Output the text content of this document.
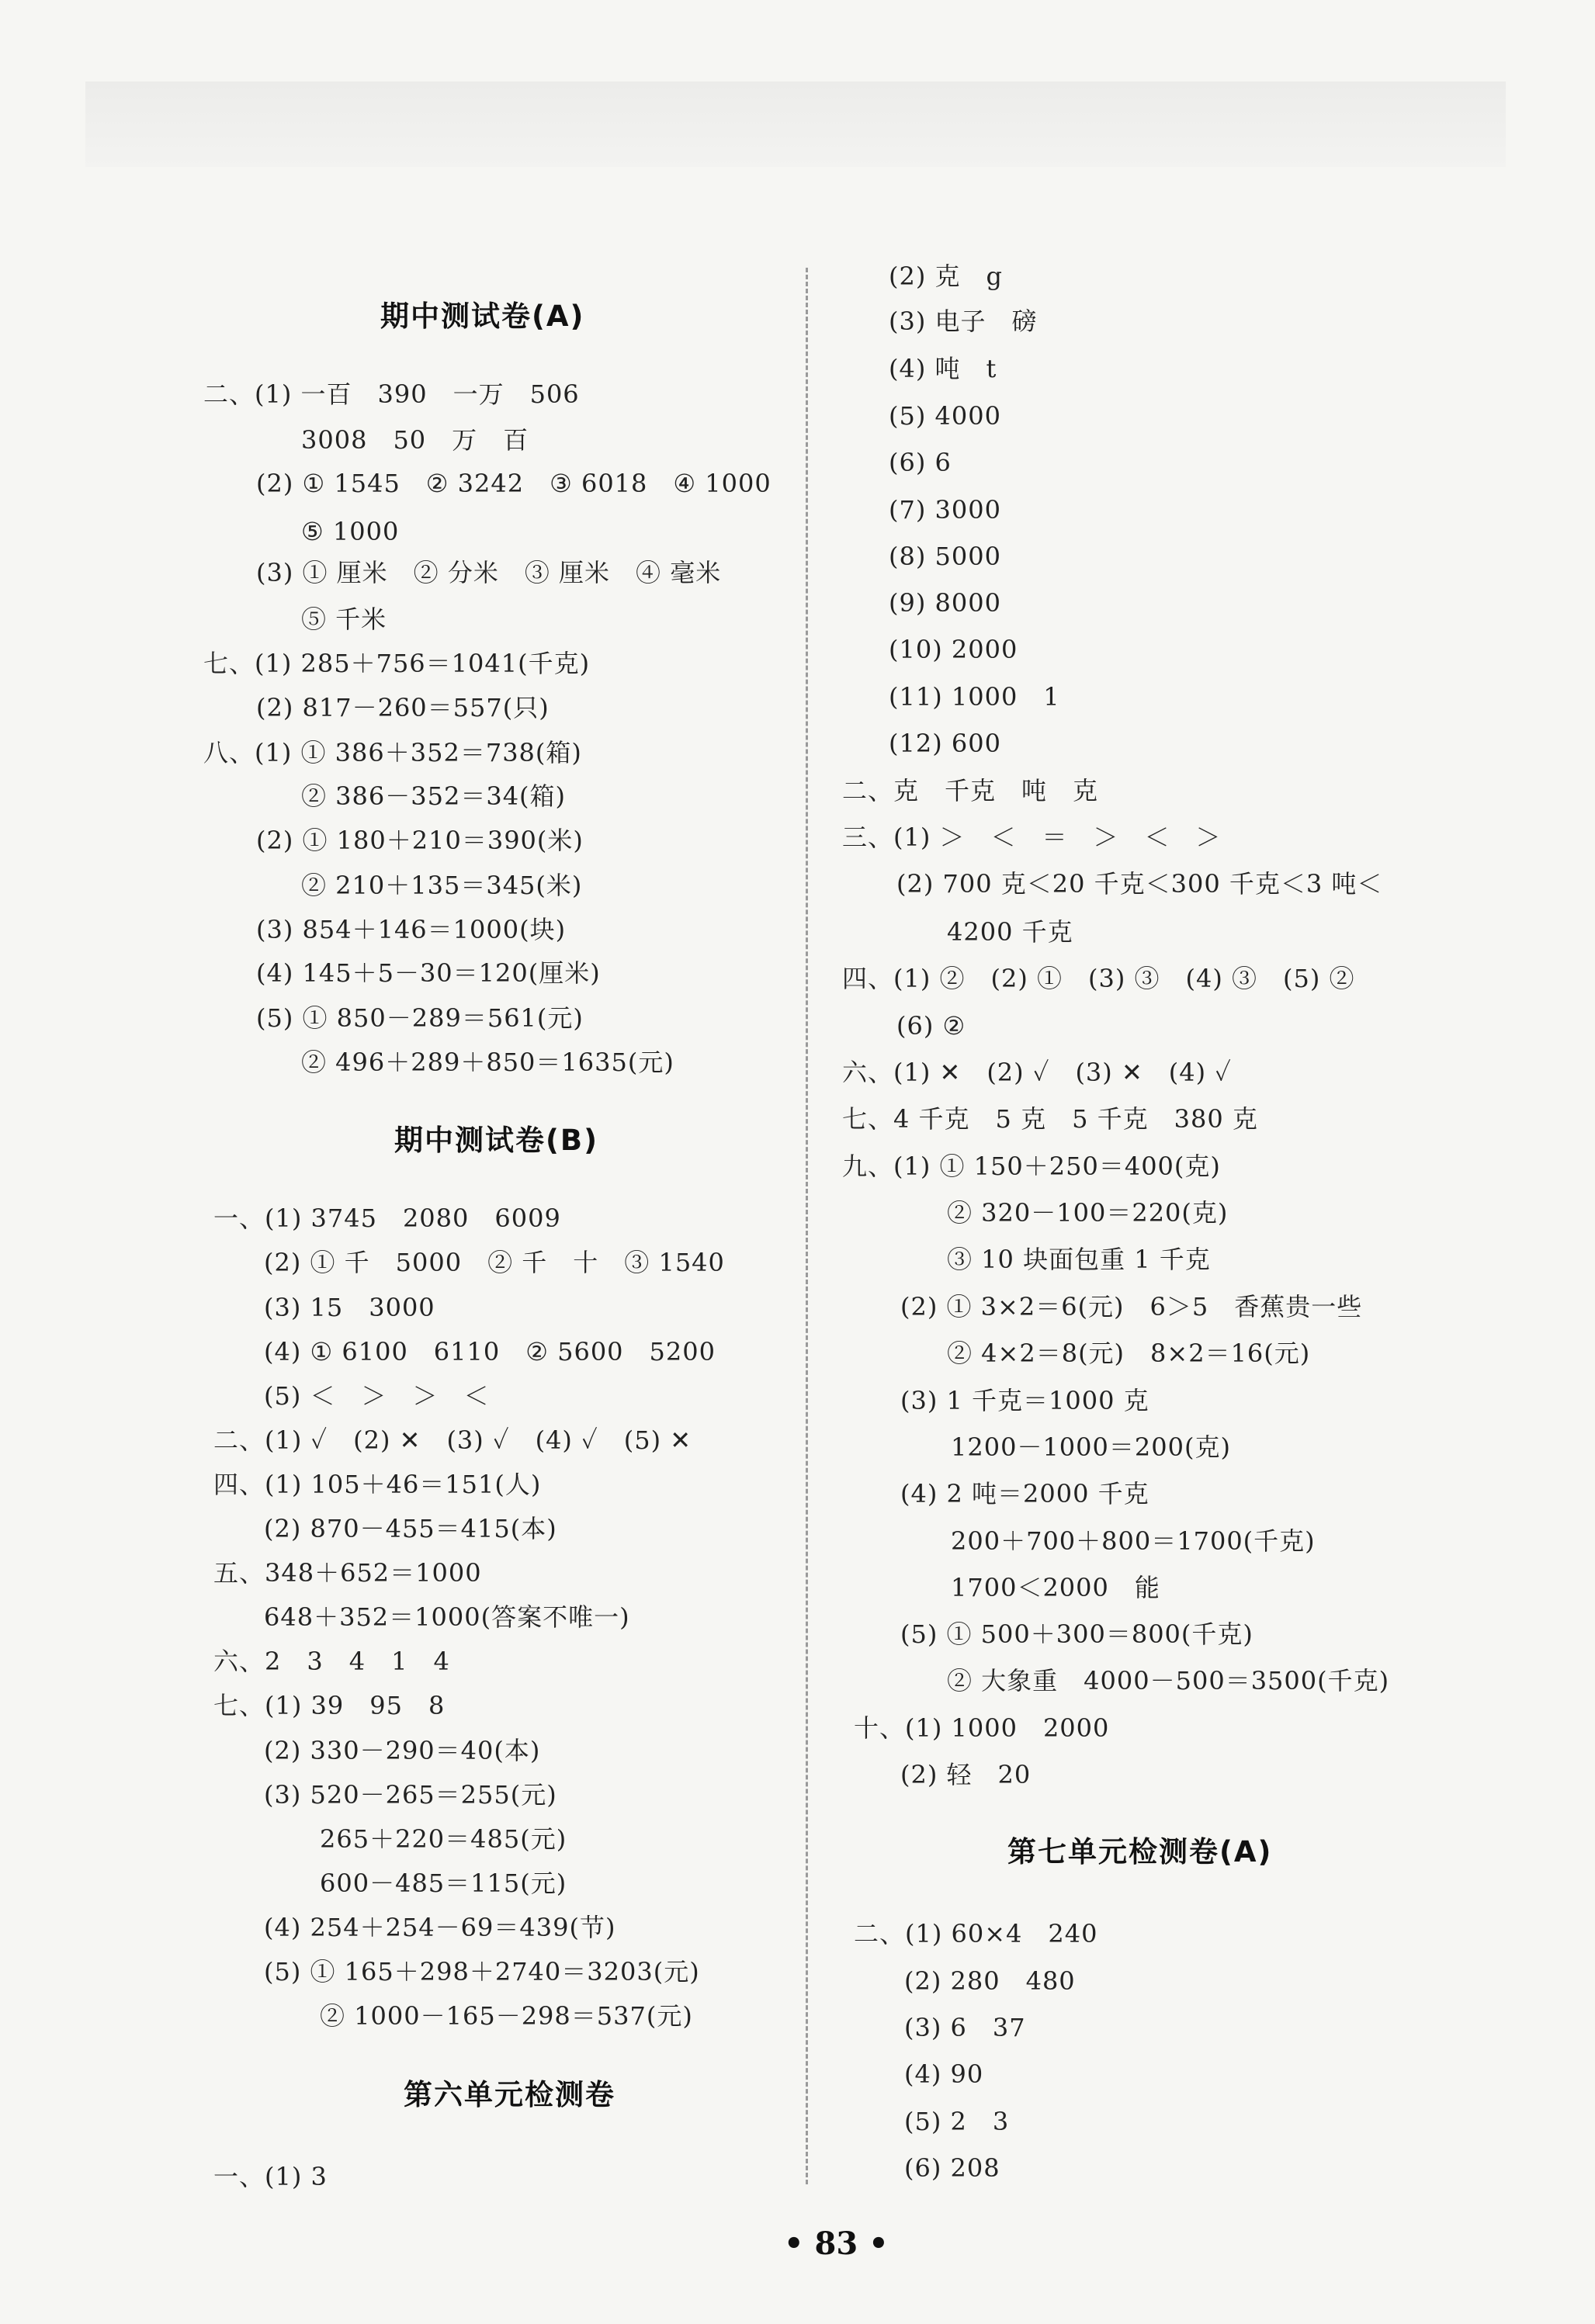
期中测试卷(A)
二、(1) 一百　390　一万　506
3008　50　万　百
(2) ① 1545　② 3242　③ 6018　④ 1000
⑤ 1000
(3) ① 厘米　② 分米　③ 厘米　④ 毫米
⑤ 千米
七、(1) 285＋756＝1041(千克)
(2) 817－260＝557(只)
八、(1) ① 386＋352＝738(箱)
② 386－352＝34(箱)
(2) ① 180＋210＝390(米)
② 210＋135＝345(米)
(3) 854＋146＝1000(块)
(4) 145＋5－30＝120(厘米)
(5) ① 850－289＝561(元)
② 496＋289＋850＝1635(元)
期中测试卷(B)
一、(1) 3745　2080　6009
(2) ① 千　5000　② 千　十　③ 1540
(3) 15　3000
(4) ① 6100　6110　② 5600　5200
(5) ＜　＞　＞　＜
二、(1) ✓　(2) ✕　(3) ✓　(4) ✓　(5) ✕
四、(1) 105＋46＝151(人)
(2) 870－455＝415(本)
五、348＋652＝1000
648＋352＝1000(答案不唯一)
六、2　3　4　1　4
七、(1) 39　95　8
(2) 330－290＝40(本)
(3) 520－265＝255(元)
265＋220＝485(元)
600－485＝115(元)
(4) 254＋254－69＝439(节)
(5) ① 165＋298＋2740＝3203(元)
② 1000－165－298＝537(元)
第六单元检测卷
一、(1) 3
(2) 克　g
(3) 电子　磅
(4) 吨　t
(5) 4000
(6) 6
(7) 3000
(8) 5000
(9) 8000
(10) 2000
(11) 1000　1
(12) 600
二、克　千克　吨　克
三、(1) ＞　＜　＝　＞　＜　＞
(2) 700 克＜20 千克＜300 千克＜3 吨＜
4200 千克
四、(1) ②　(2) ①　(3) ③　(4) ③　(5) ②
(6) ②
六、(1) ✕　(2) ✓　(3) ✕　(4) ✓
七、4 千克　5 克　5 千克　380 克
九、(1) ① 150＋250＝400(克)
② 320－100＝220(克)
③ 10 块面包重 1 千克
(2) ① 3×2＝6(元)　6＞5　香蕉贵一些
② 4×2＝8(元)　8×2＝16(元)
(3) 1 千克＝1000 克
1200－1000＝200(克)
(4) 2 吨＝2000 千克
200＋700＋800＝1700(千克)
1700＜2000　能
(5) ① 500＋300＝800(千克)
② 大象重　4000－500＝3500(千克)
十、(1) 1000　2000
(2) 轻　20
第七单元检测卷(A)
二、(1) 60×4　240
(2) 280　480
(3) 6　37
(4) 90
(5) 2　3
(6) 208
• 83 •
